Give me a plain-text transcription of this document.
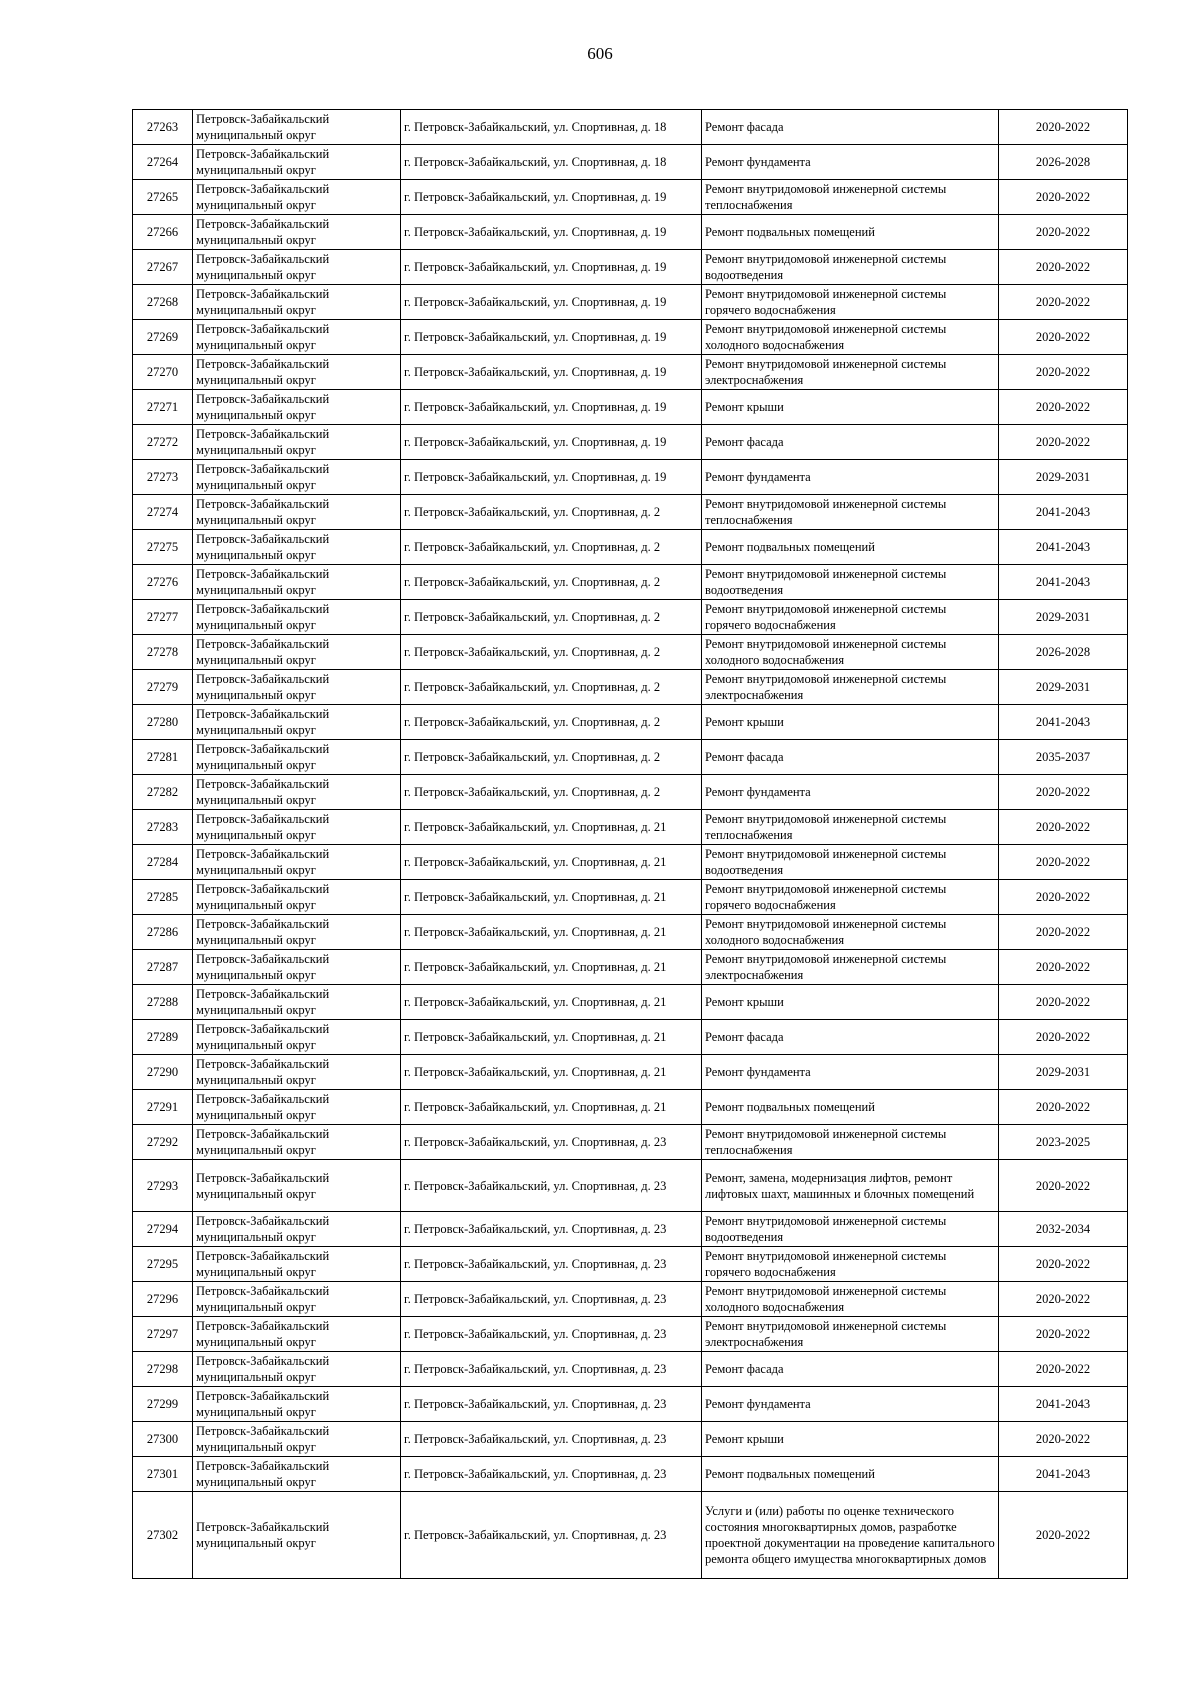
606
27263	Петровск-Забайкальский муниципальный округ	г. Петровск-Забайкальский, ул. Спортивная, д. 18	Ремонт фасада	2020-2022
27264	Петровск-Забайкальский муниципальный округ	г. Петровск-Забайкальский, ул. Спортивная, д. 18	Ремонт фундамента	2026-2028
27265	Петровск-Забайкальский муниципальный округ	г. Петровск-Забайкальский, ул. Спортивная, д. 19	Ремонт внутридомовой инженерной системы теплоснабжения	2020-2022
27266	Петровск-Забайкальский муниципальный округ	г. Петровск-Забайкальский, ул. Спортивная, д. 19	Ремонт подвальных помещений	2020-2022
27267	Петровск-Забайкальский муниципальный округ	г. Петровск-Забайкальский, ул. Спортивная, д. 19	Ремонт внутридомовой инженерной системы водоотведения	2020-2022
27268	Петровск-Забайкальский муниципальный округ	г. Петровск-Забайкальский, ул. Спортивная, д. 19	Ремонт внутридомовой инженерной системы горячего водоснабжения	2020-2022
27269	Петровск-Забайкальский муниципальный округ	г. Петровск-Забайкальский, ул. Спортивная, д. 19	Ремонт внутридомовой инженерной системы холодного водоснабжения	2020-2022
27270	Петровск-Забайкальский муниципальный округ	г. Петровск-Забайкальский, ул. Спортивная, д. 19	Ремонт внутридомовой инженерной системы электроснабжения	2020-2022
27271	Петровск-Забайкальский муниципальный округ	г. Петровск-Забайкальский, ул. Спортивная, д. 19	Ремонт крыши	2020-2022
27272	Петровск-Забайкальский муниципальный округ	г. Петровск-Забайкальский, ул. Спортивная, д. 19	Ремонт фасада	2020-2022
27273	Петровск-Забайкальский муниципальный округ	г. Петровск-Забайкальский, ул. Спортивная, д. 19	Ремонт фундамента	2029-2031
27274	Петровск-Забайкальский муниципальный округ	г. Петровск-Забайкальский, ул. Спортивная, д. 2	Ремонт внутридомовой инженерной системы теплоснабжения	2041-2043
27275	Петровск-Забайкальский муниципальный округ	г. Петровск-Забайкальский, ул. Спортивная, д. 2	Ремонт подвальных помещений	2041-2043
27276	Петровск-Забайкальский муниципальный округ	г. Петровск-Забайкальский, ул. Спортивная, д. 2	Ремонт внутридомовой инженерной системы водоотведения	2041-2043
27277	Петровск-Забайкальский муниципальный округ	г. Петровск-Забайкальский, ул. Спортивная, д. 2	Ремонт внутридомовой инженерной системы горячего водоснабжения	2029-2031
27278	Петровск-Забайкальский муниципальный округ	г. Петровск-Забайкальский, ул. Спортивная, д. 2	Ремонт внутридомовой инженерной системы холодного водоснабжения	2026-2028
27279	Петровск-Забайкальский муниципальный округ	г. Петровск-Забайкальский, ул. Спортивная, д. 2	Ремонт внутридомовой инженерной системы электроснабжения	2029-2031
27280	Петровск-Забайкальский муниципальный округ	г. Петровск-Забайкальский, ул. Спортивная, д. 2	Ремонт крыши	2041-2043
27281	Петровск-Забайкальский муниципальный округ	г. Петровск-Забайкальский, ул. Спортивная, д. 2	Ремонт фасада	2035-2037
27282	Петровск-Забайкальский муниципальный округ	г. Петровск-Забайкальский, ул. Спортивная, д. 2	Ремонт фундамента	2020-2022
27283	Петровск-Забайкальский муниципальный округ	г. Петровск-Забайкальский, ул. Спортивная, д. 21	Ремонт внутридомовой инженерной системы теплоснабжения	2020-2022
27284	Петровск-Забайкальский муниципальный округ	г. Петровск-Забайкальский, ул. Спортивная, д. 21	Ремонт внутридомовой инженерной системы водоотведения	2020-2022
27285	Петровск-Забайкальский муниципальный округ	г. Петровск-Забайкальский, ул. Спортивная, д. 21	Ремонт внутридомовой инженерной системы горячего водоснабжения	2020-2022
27286	Петровск-Забайкальский муниципальный округ	г. Петровск-Забайкальский, ул. Спортивная, д. 21	Ремонт внутридомовой инженерной системы холодного водоснабжения	2020-2022
27287	Петровск-Забайкальский муниципальный округ	г. Петровск-Забайкальский, ул. Спортивная, д. 21	Ремонт внутридомовой инженерной системы электроснабжения	2020-2022
27288	Петровск-Забайкальский муниципальный округ	г. Петровск-Забайкальский, ул. Спортивная, д. 21	Ремонт крыши	2020-2022
27289	Петровск-Забайкальский муниципальный округ	г. Петровск-Забайкальский, ул. Спортивная, д. 21	Ремонт фасада	2020-2022
27290	Петровск-Забайкальский муниципальный округ	г. Петровск-Забайкальский, ул. Спортивная, д. 21	Ремонт фундамента	2029-2031
27291	Петровск-Забайкальский муниципальный округ	г. Петровск-Забайкальский, ул. Спортивная, д. 21	Ремонт подвальных помещений	2020-2022
27292	Петровск-Забайкальский муниципальный округ	г. Петровск-Забайкальский, ул. Спортивная, д. 23	Ремонт внутридомовой инженерной системы теплоснабжения	2023-2025
27293	Петровск-Забайкальский муниципальный округ	г. Петровск-Забайкальский, ул. Спортивная, д. 23	Ремонт, замена, модернизация лифтов, ремонт лифтовых шахт, машинных и блочных помещений	2020-2022
27294	Петровск-Забайкальский муниципальный округ	г. Петровск-Забайкальский, ул. Спортивная, д. 23	Ремонт внутридомовой инженерной системы водоотведения	2032-2034
27295	Петровск-Забайкальский муниципальный округ	г. Петровск-Забайкальский, ул. Спортивная, д. 23	Ремонт внутридомовой инженерной системы горячего водоснабжения	2020-2022
27296	Петровск-Забайкальский муниципальный округ	г. Петровск-Забайкальский, ул. Спортивная, д. 23	Ремонт внутридомовой инженерной системы холодного водоснабжения	2020-2022
27297	Петровск-Забайкальский муниципальный округ	г. Петровск-Забайкальский, ул. Спортивная, д. 23	Ремонт внутридомовой инженерной системы электроснабжения	2020-2022
27298	Петровск-Забайкальский муниципальный округ	г. Петровск-Забайкальский, ул. Спортивная, д. 23	Ремонт фасада	2020-2022
27299	Петровск-Забайкальский муниципальный округ	г. Петровск-Забайкальский, ул. Спортивная, д. 23	Ремонт фундамента	2041-2043
27300	Петровск-Забайкальский муниципальный округ	г. Петровск-Забайкальский, ул. Спортивная, д. 23	Ремонт крыши	2020-2022
27301	Петровск-Забайкальский муниципальный округ	г. Петровск-Забайкальский, ул. Спортивная, д. 23	Ремонт подвальных помещений	2041-2043
27302	Петровск-Забайкальский муниципальный округ	г. Петровск-Забайкальский, ул. Спортивная, д. 23	Услуги и (или) работы по оценке технического состояния многоквартирных домов, разработке проектной документации на проведение капитального ремонта общего имущества многоквартирных домов	2020-2022
